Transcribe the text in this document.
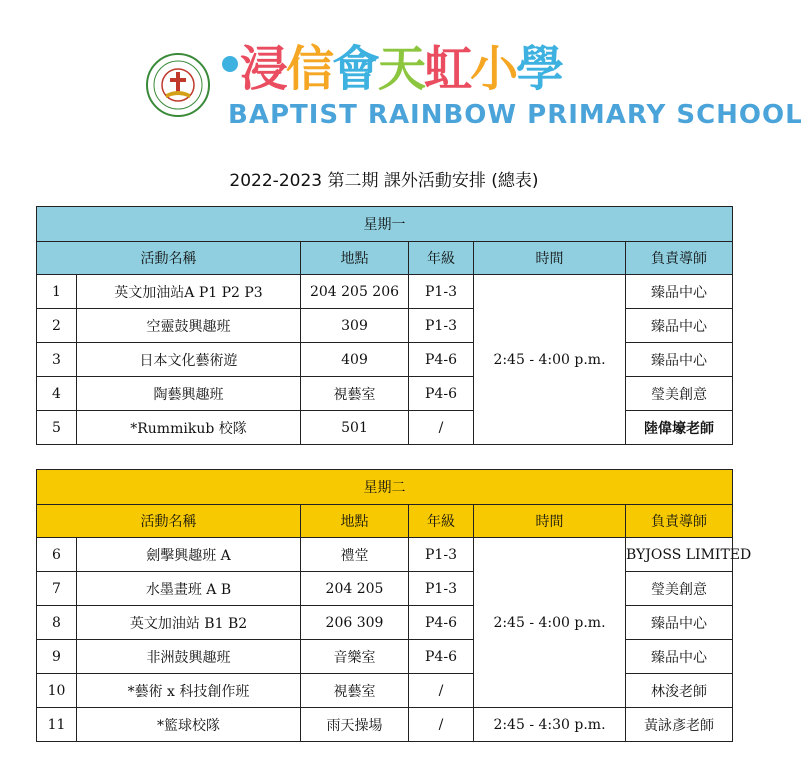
浸信會天虹小學
BAPTIST RAINBOW PRIMARY SCHOOL
2022-2023 第二期 課外活動安排 (總表)
星期一					
活動名稱		地點	年級	時間	負責導師
1	英文加油站A P1 P2 P3	204 205 206	P1-3	2:45 - 4:00 p.m.	臻品中心
2	空靈鼓興趣班	309	P1-3		臻品中心
3	日本文化藝術遊	409	P4-6		臻品中心
4	陶藝興趣班	視藝室	P4-6		瑩美創意
5	*Rummikub 校隊	501	/		陸偉壕老師
星期二					
活動名稱		地點	年級	時間	負責導師
6	劍擊興趣班 A	禮堂	P1-3	2:45 - 4:00 p.m.	BYJOSS LIMITED
7	水墨畫班 A B	204 205	P1-3		瑩美創意
8	英文加油站 B1 B2	206 309	P4-6		臻品中心
9	非洲鼓興趣班	音樂室	P4-6		臻品中心
10	*藝術 x 科技創作班	視藝室	/		林浚老師
11	*籃球校隊	雨天操場	/	2:45 - 4:30 p.m.	黃詠彥老師
